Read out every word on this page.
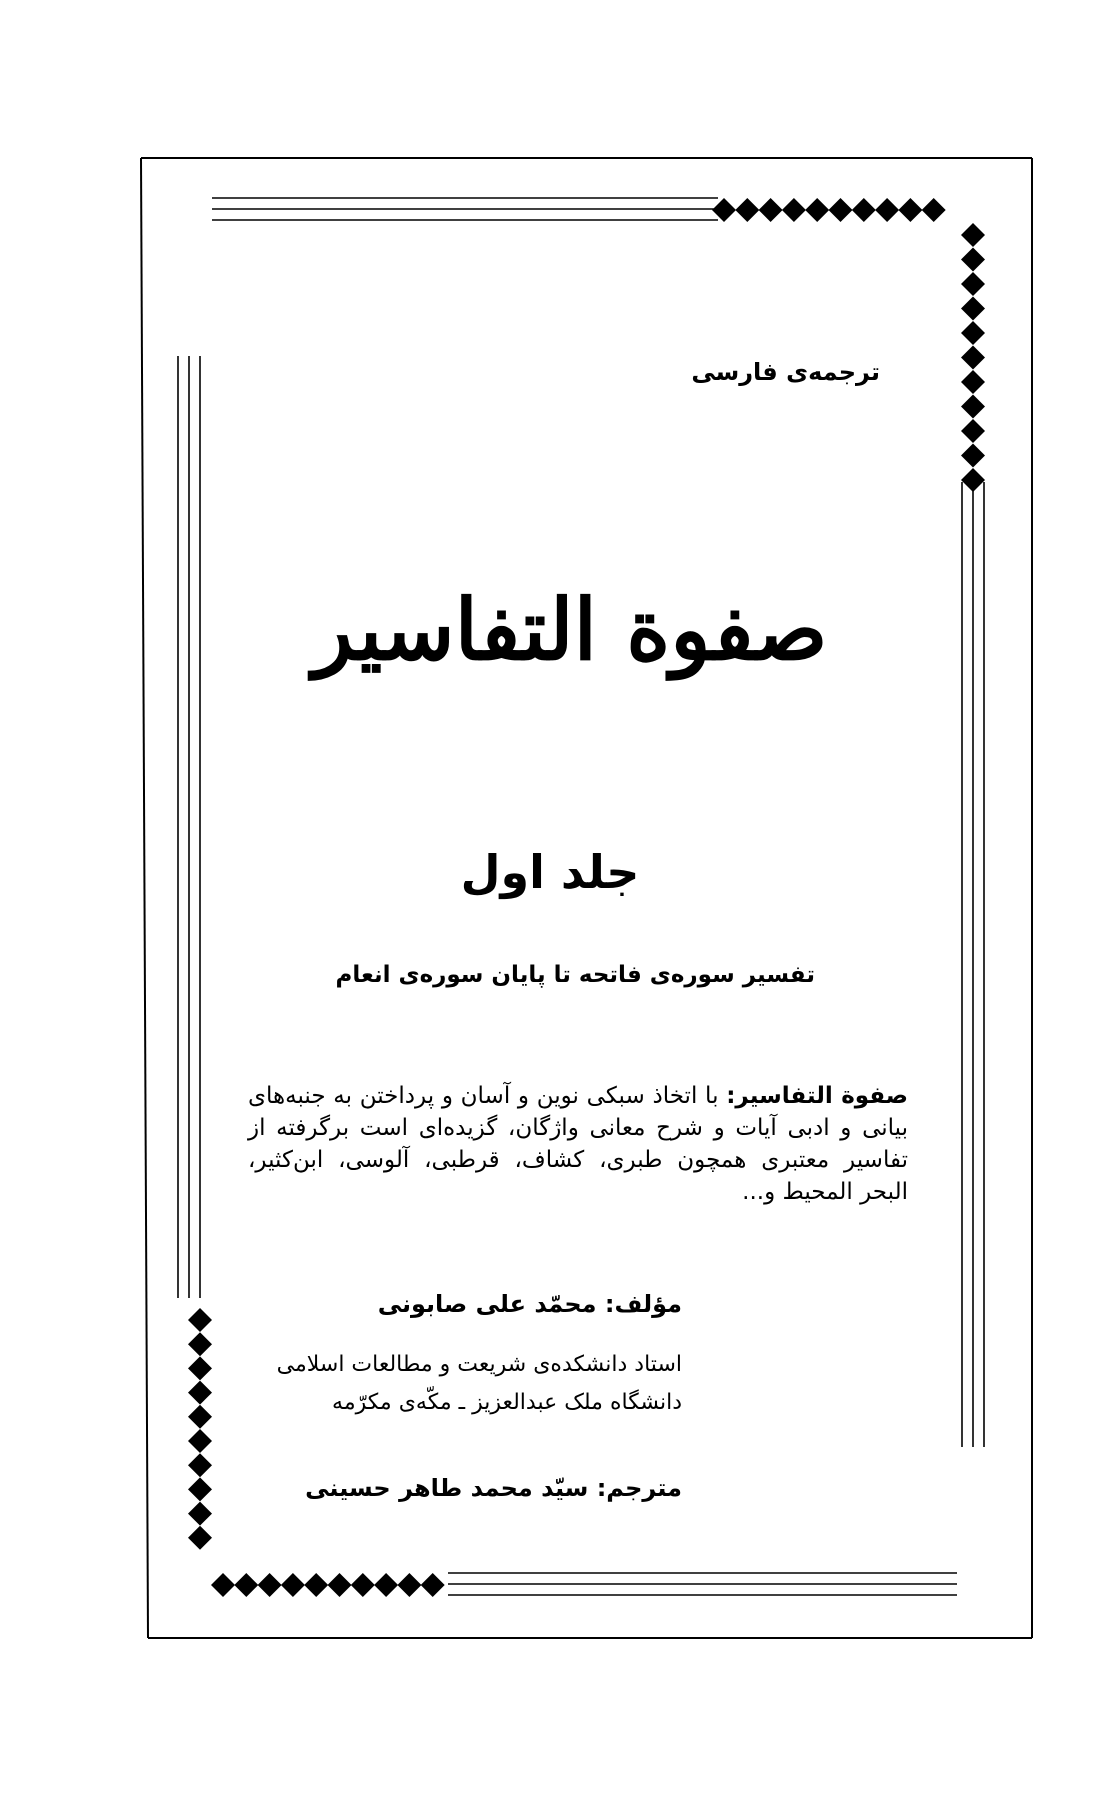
ترجمه‌ی فارسی
صفوة التفاسير
جلد اول
تفسير سوره‌ی فاتحه تا پايان سوره‌ی انعام
صفوة التفاسير: با اتخاذ سبکی نوين و آسان و پرداختن به جنبه‌های بيانی و ادبی آيات و شرح معانی واژگان، گزيده‌ای است برگرفته از تفاسير معتبری همچون طبری، کشاف، قرطبی، آلوسی، ابن‌کثير، البحر المحيط و...
مؤلف: محمّد علی صابونی
استاد دانشکده‌ی شريعت و مطالعات اسلامی
دانشگاه ملک عبدالعزيز ـ مکّه‌ی مکرّمه
مترجم: سيّد محمد طاهر حسينی
